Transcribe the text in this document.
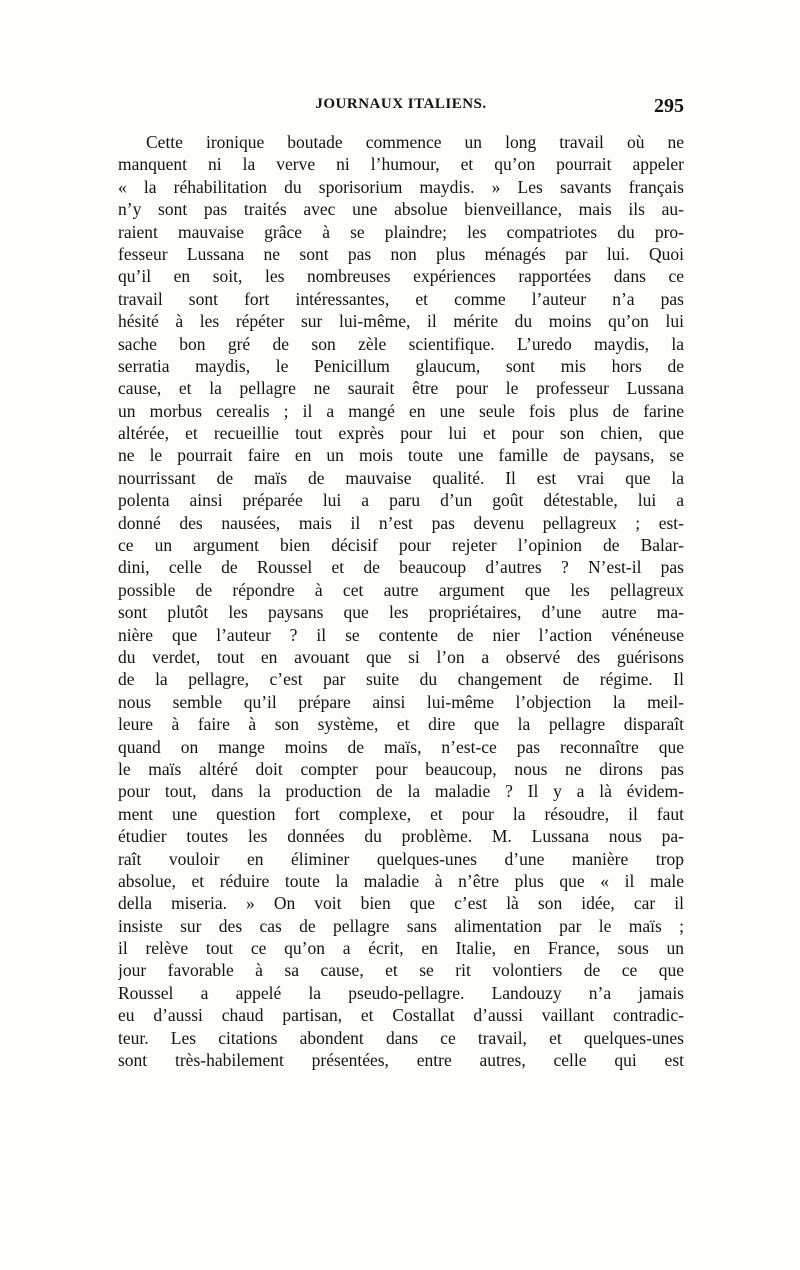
JOURNAUX ITALIENS.	295
Cette ironique boutade commence un long travail où ne
manquent ni la verve ni l’humour, et qu’on pourrait appeler
« la réhabilitation du sporisorium maydis. » Les savants français
n’y sont pas traités avec une absolue bienveillance, mais ils au-
raient mauvaise grâce à se plaindre; les compatriotes du pro-
fesseur Lussana ne sont pas non plus ménagés par lui. Quoi
qu’il en soit, les nombreuses expériences rapportées dans ce
travail sont fort intéressantes, et comme l’auteur n’a pas
hésité à les répéter sur lui-même, il mérite du moins qu’on lui
sache bon gré de son zèle scientifique. L’uredo maydis, la
serratia maydis, le Penicillum glaucum, sont mis hors de
cause, et la pellagre ne saurait être pour le professeur Lussana
un morbus cerealis ; il a mangé en une seule fois plus de farine
altérée, et recueillie tout exprès pour lui et pour son chien, que
ne le pourrait faire en un mois toute une famille de paysans, se
nourrissant de maïs de mauvaise qualité. Il est vrai que la
polenta ainsi préparée lui a paru d’un goût détestable, lui a
donné des nausées, mais il n’est pas devenu pellagreux ; est-
ce un argument bien décisif pour rejeter l’opinion de Balar-
dini, celle de Roussel et de beaucoup d’autres ? N’est-il pas
possible de répondre à cet autre argument que les pellagreux
sont plutôt les paysans que les propriétaires, d’une autre ma-
nière que l’auteur ? il se contente de nier l’action vénéneuse
du verdet, tout en avouant que si l’on a observé des guérisons
de la pellagre, c’est par suite du changement de régime. Il
nous semble qu’il prépare ainsi lui-même l’objection la meil-
leure à faire à son système, et dire que la pellagre disparaît
quand on mange moins de maïs, n’est-ce pas reconnaître que
le maïs altéré doit compter pour beaucoup, nous ne dirons pas
pour tout, dans la production de la maladie ? Il y a là évidem-
ment une question fort complexe, et pour la résoudre, il faut
étudier toutes les données du problème. M. Lussana nous pa-
raît vouloir en éliminer quelques-unes d’une manière trop
absolue, et réduire toute la maladie à n’être plus que « il male
della miseria. » On voit bien que c’est là son idée, car il
insiste sur des cas de pellagre sans alimentation par le maïs ;
il relève tout ce qu’on a écrit, en Italie, en France, sous un
jour favorable à sa cause, et se rit volontiers de ce que
Roussel a appelé la pseudo-pellagre. Landouzy n’a jamais
eu d’aussi chaud partisan, et Costallat d’aussi vaillant contradic-
teur. Les citations abondent dans ce travail, et quelques-unes
sont très-habilement présentées, entre autres, celle qui est
